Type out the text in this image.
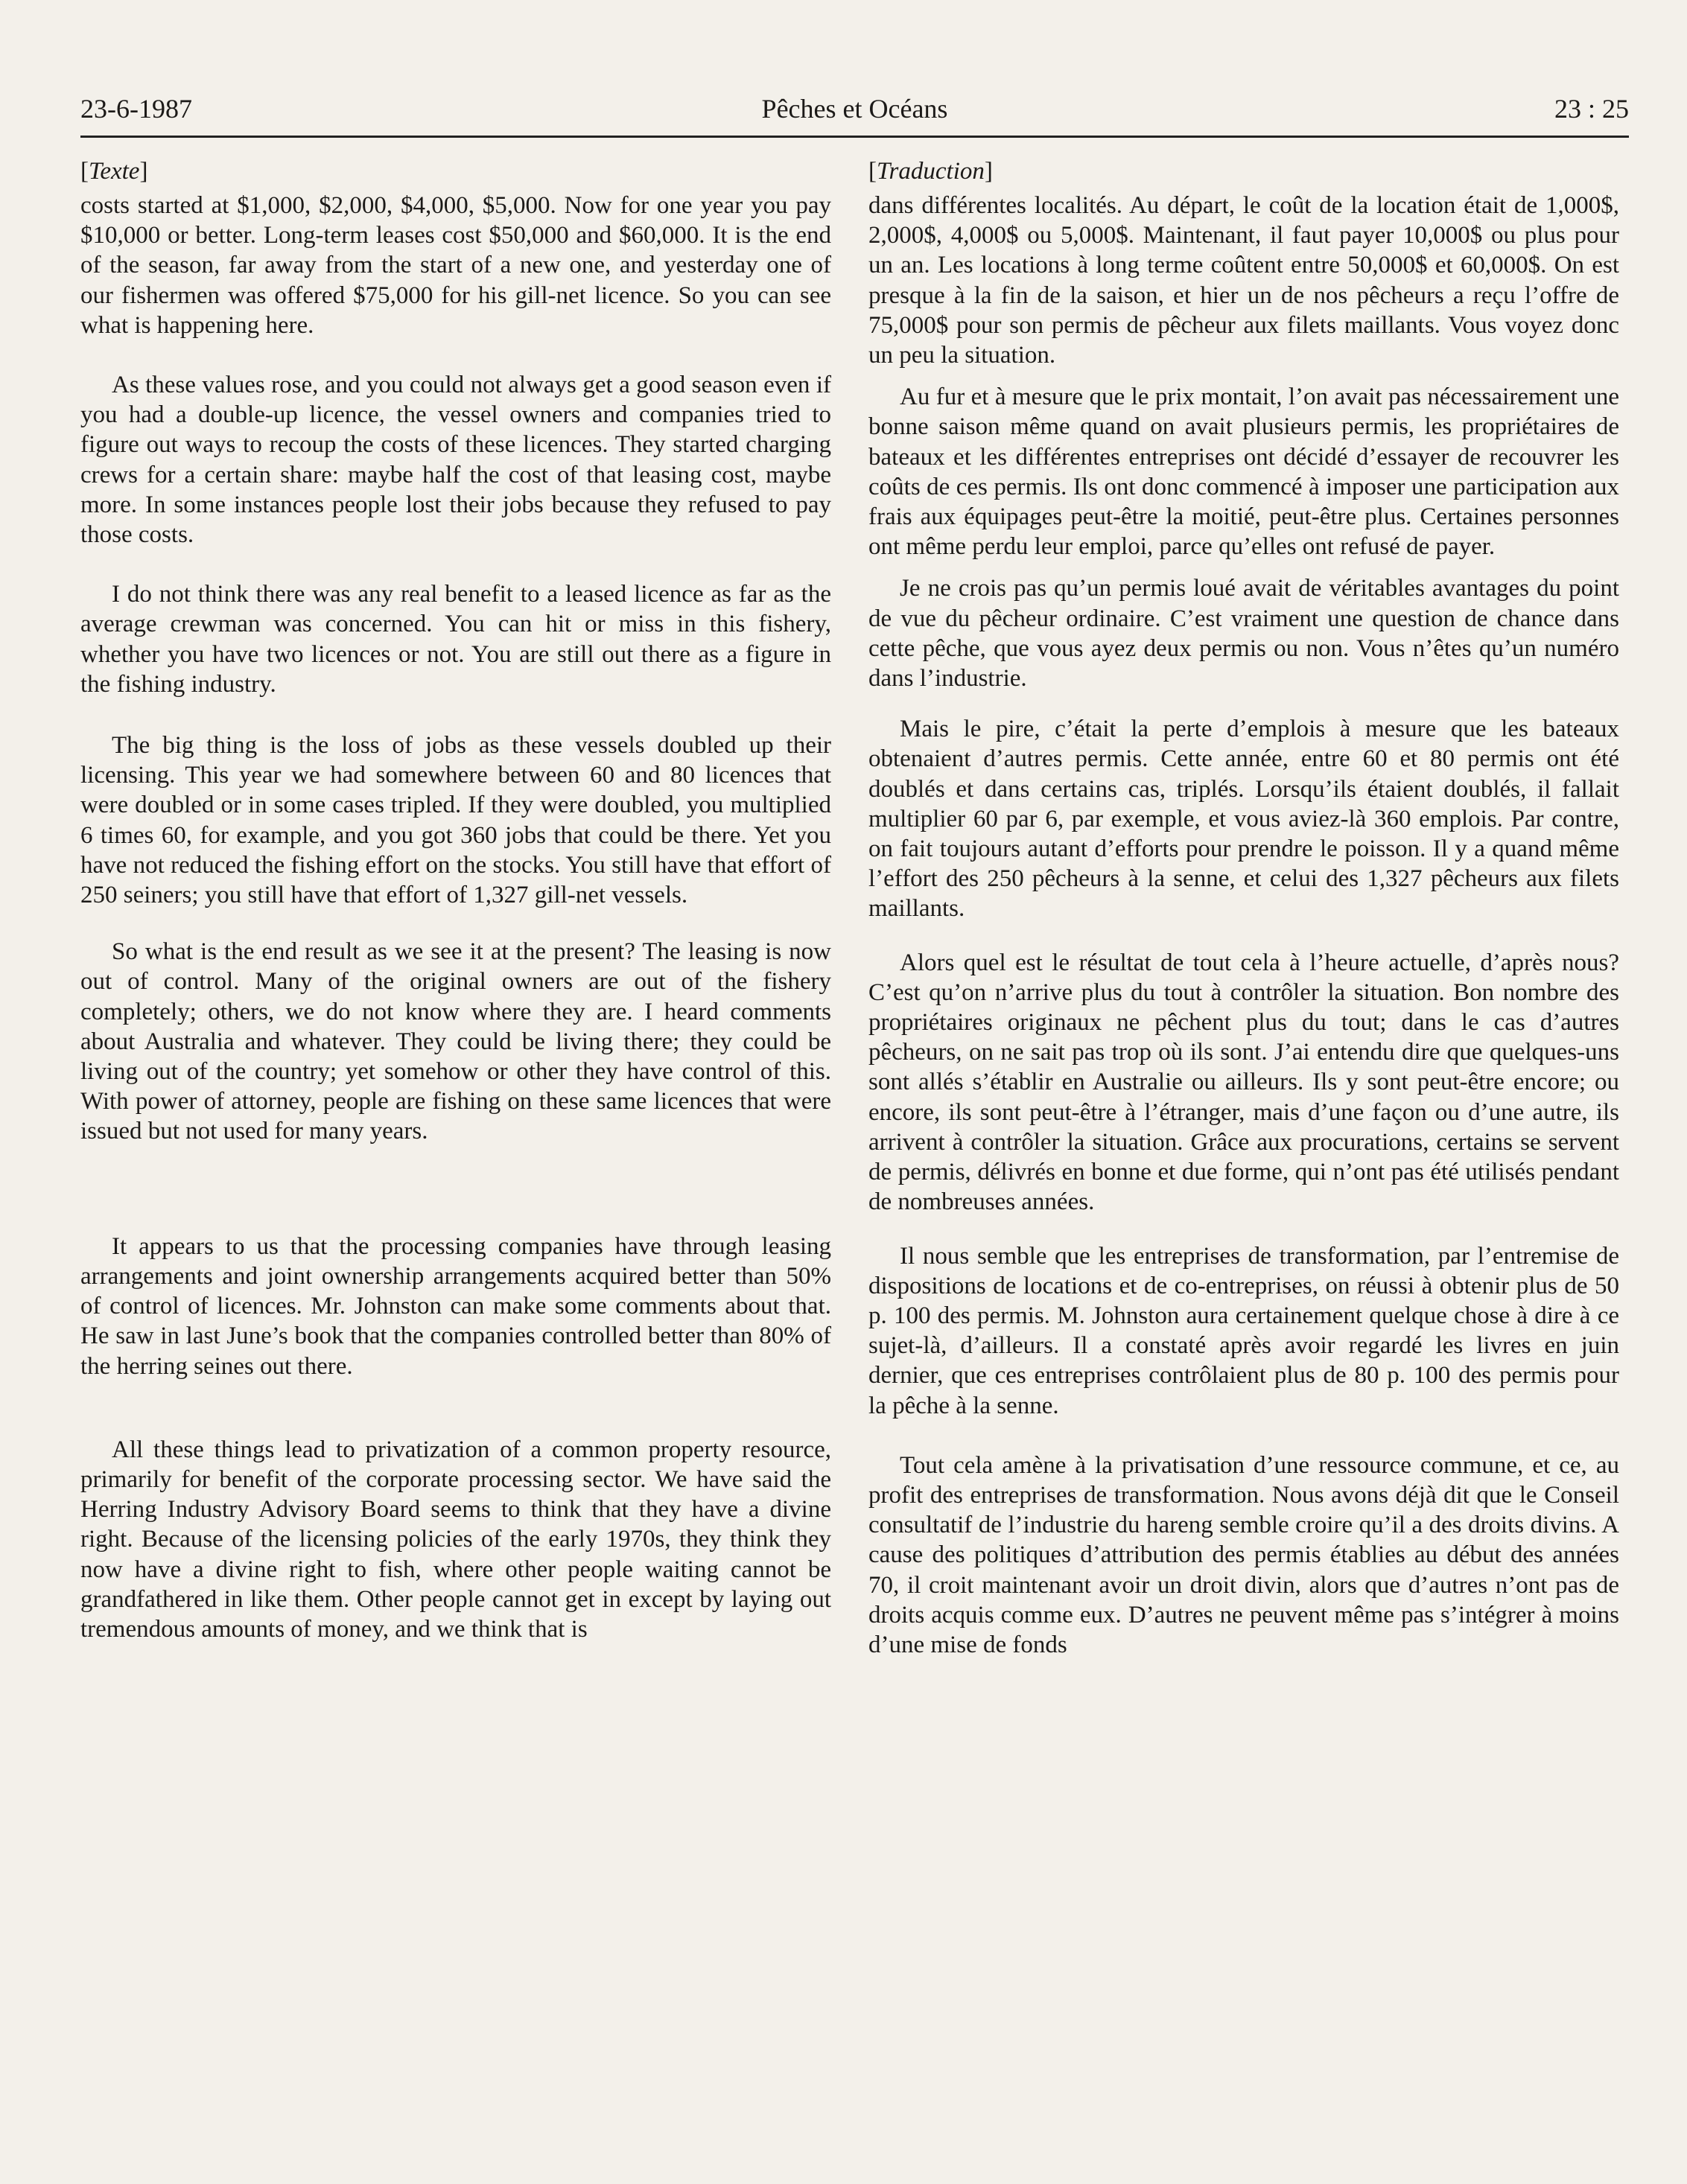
23-6-1987	Pêches et Océans	23 : 25
[Texte]

costs started at $1,000, $2,000, $4,000, $5,000. Now for one year you pay $10,000 or better. Long-term leases cost $50,000 and $60,000. It is the end of the season, far away from the start of a new one, and yesterday one of our fishermen was offered $75,000 for his gill-net licence. So you can see what is happening here.

As these values rose, and you could not always get a good season even if you had a double-up licence, the vessel owners and companies tried to figure out ways to recoup the costs of these licences. They started charging crews for a certain share: maybe half the cost of that leasing cost, maybe more. In some instances people lost their jobs because they refused to pay those costs.

I do not think there was any real benefit to a leased licence as far as the average crewman was concerned. You can hit or miss in this fishery, whether you have two licences or not. You are still out there as a figure in the fishing industry.

The big thing is the loss of jobs as these vessels doubled up their licensing. This year we had somewhere between 60 and 80 licences that were doubled or in some cases tripled. If they were doubled, you multiplied 6 times 60, for example, and you got 360 jobs that could be there. Yet you have not reduced the fishing effort on the stocks. You still have that effort of 250 seiners; you still have that effort of 1,327 gill-net vessels.

So what is the end result as we see it at the present? The leasing is now out of control. Many of the original owners are out of the fishery completely; others, we do not know where they are. I heard comments about Australia and whatever. They could be living there; they could be living out of the country; yet somehow or other they have control of this. With power of attorney, people are fishing on these same licences that were issued but not used for many years.

It appears to us that the processing companies have through leasing arrangements and joint ownership arrangements acquired better than 50% of control of licences. Mr. Johnston can make some comments about that. He saw in last June’s book that the companies controlled better than 80% of the herring seines out there.

All these things lead to privatization of a common property resource, primarily for benefit of the corporate processing sector. We have said the Herring Industry Advisory Board seems to think that they have a divine right. Because of the licensing policies of the early 1970s, they think they now have a divine right to fish, where other people waiting cannot be grandfathered in like them. Other people cannot get in except by laying out tremendous amounts of money, and we think that is

[Traduction]

dans différentes localités. Au départ, le coût de la location était de 1,000$, 2,000$, 4,000$ ou 5,000$. Maintenant, il faut payer 10,000$ ou plus pour un an. Les locations à long terme coûtent entre 50,000$ et 60,000$. On est presque à la fin de la saison, et hier un de nos pêcheurs a reçu l’offre de 75,000$ pour son permis de pêcheur aux filets maillants. Vous voyez donc un peu la situation.

Au fur et à mesure que le prix montait, l’on avait pas nécessairement une bonne saison même quand on avait plusieurs permis, les propriétaires de bateaux et les différentes entreprises ont décidé d’essayer de recouvrer les coûts de ces permis. Ils ont donc commencé à imposer une participation aux frais aux équipages peut-être la moitié, peut-être plus. Certaines personnes ont même perdu leur emploi, parce qu’elles ont refusé de payer.

Je ne crois pas qu’un permis loué avait de véritables avantages du point de vue du pêcheur ordinaire. C’est vraiment une question de chance dans cette pêche, que vous ayez deux permis ou non. Vous n’êtes qu’un numéro dans l’industrie.

Mais le pire, c’était la perte d’emplois à mesure que les bateaux obtenaient d’autres permis. Cette année, entre 60 et 80 permis ont été doublés et dans certains cas, triplés. Lorsqu’ils étaient doublés, il fallait multiplier 60 par 6, par exemple, et vous aviez-là 360 emplois. Par contre, on fait toujours autant d’efforts pour prendre le poisson. Il y a quand même l’effort des 250 pêcheurs à la senne, et celui des 1,327 pêcheurs aux filets maillants.

Alors quel est le résultat de tout cela à l’heure actuelle, d’après nous? C’est qu’on n’arrive plus du tout à contrôler la situation. Bon nombre des propriétaires originaux ne pêchent plus du tout; dans le cas d’autres pêcheurs, on ne sait pas trop où ils sont. J’ai entendu dire que quelques-uns sont allés s’établir en Australie ou ailleurs. Ils y sont peut-être encore; ou encore, ils sont peut-être à l’étranger, mais d’une façon ou d’une autre, ils arrivent à contrôler la situation. Grâce aux procurations, certains se servent de permis, délivrés en bonne et due forme, qui n’ont pas été utilisés pendant de nombreuses années.

Il nous semble que les entreprises de transformation, par l’entremise de dispositions de locations et de co-entreprises, on réussi à obtenir plus de 50 p. 100 des permis. M. Johnston aura certainement quelque chose à dire à ce sujet-là, d’ailleurs. Il a constaté après avoir regardé les livres en juin dernier, que ces entreprises contrôlaient plus de 80 p. 100 des permis pour la pêche à la senne.

Tout cela amène à la privatisation d’une ressource commune, et ce, au profit des entreprises de transformation. Nous avons déjà dit que le Conseil consultatif de l’industrie du hareng semble croire qu’il a des droits divins. A cause des politiques d’attribution des permis établies au début des années 70, il croit maintenant avoir un droit divin, alors que d’autres n’ont pas de droits acquis comme eux. D’autres ne peuvent même pas s’intégrer à moins d’une mise de fonds
